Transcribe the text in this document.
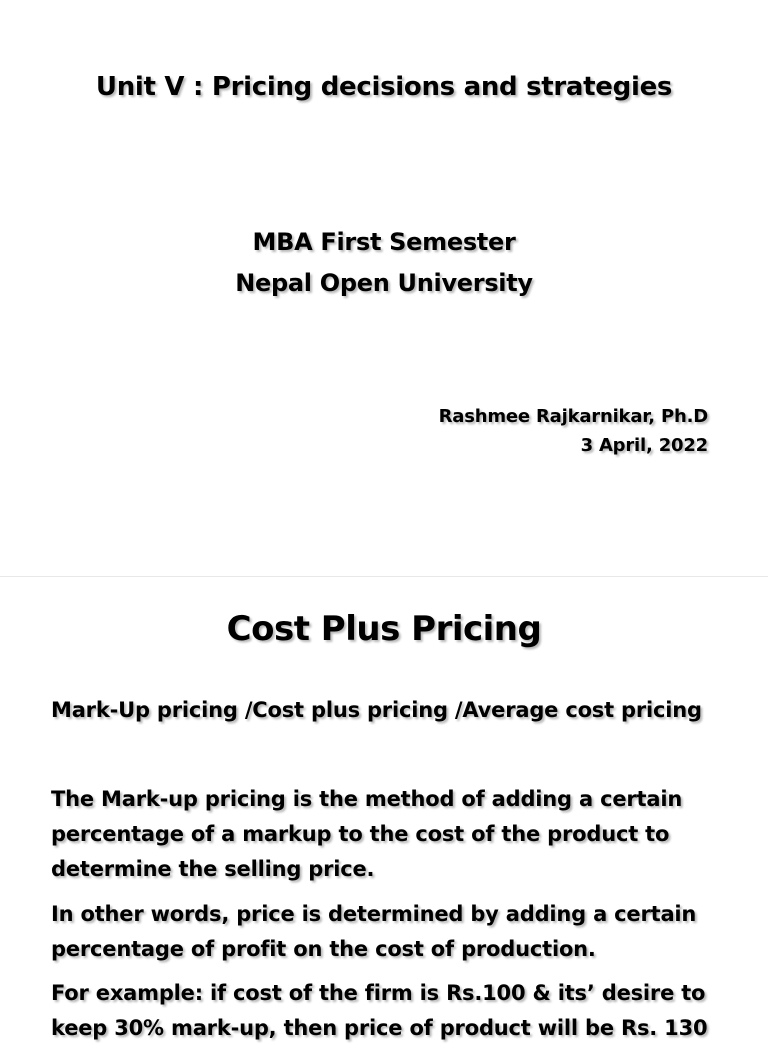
Unit V : Pricing decisions and strategies
MBA First Semester
Nepal Open University
Rashmee Rajkarnikar, Ph.D
3 April, 2022
Cost Plus Pricing
Mark-Up pricing /Cost plus pricing /Average cost pricing
The Mark-up pricing is the method of adding a certain
percentage of a markup to the cost of the product to
determine the selling price.
In other words, price is determined by adding a certain
percentage of profit on the cost of production.
For example: if cost of the firm is Rs.100 & its’ desire to
keep 30% mark-up, then price of product will be Rs. 130
